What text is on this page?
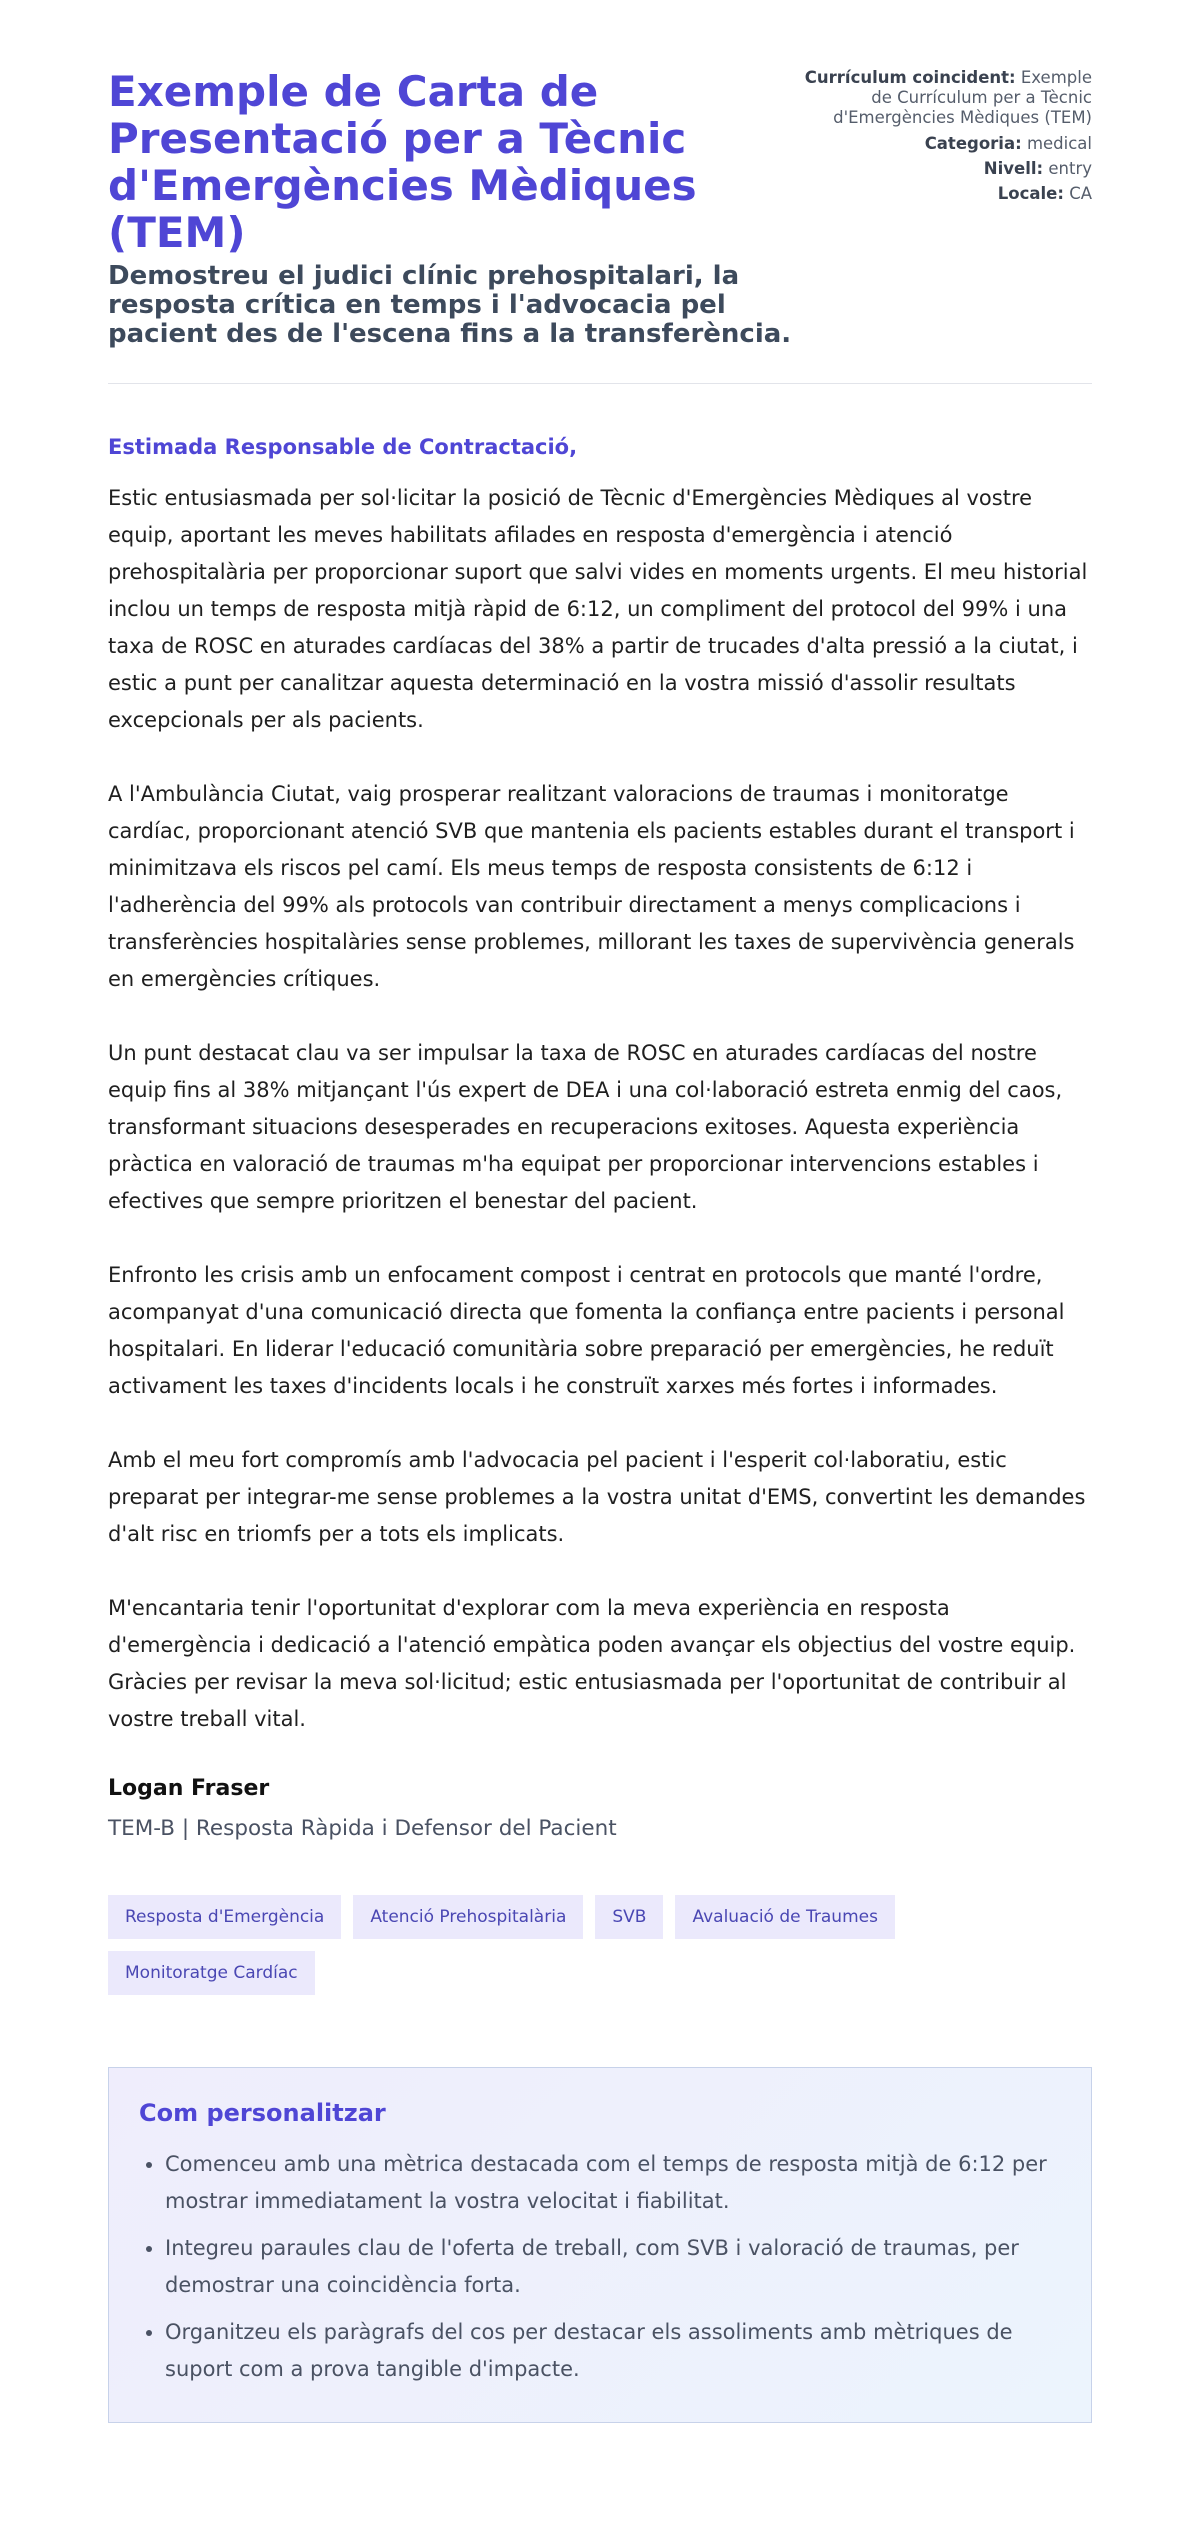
Exemple de Carta de Presentació per a Tècnic d'Emergències Mèdiques (TEM)
Demostreu el judici clínic prehospitalari, la resposta crítica en temps i l'advocacia pel pacient des de l'escena fins a la transferència.
Currículum coincident: Exemple de Currículum per a Tècnic d'Emergències Mèdiques (TEM)
Categoria: medical
Nivell: entry
Locale: CA
Estimada Responsable de Contractació,

Estic entusiasmada per sol·licitar la posició de Tècnic d'Emergències Mèdiques al vostre equip, aportant les meves habilitats afilades en resposta d'emergència i atenció prehospitalària per proporcionar suport que salvi vides en moments urgents. El meu historial inclou un temps de resposta mitjà ràpid de 6:12, un compliment del protocol del 99% i una taxa de ROSC en aturades cardíacas del 38% a partir de trucades d'alta pressió a la ciutat, i estic a punt per canalitzar aquesta determinació en la vostra missió d'assolir resultats excepcionals per als pacients.

A l'Ambulància Ciutat, vaig prosperar realitzant valoracions de traumas i monitoratge cardíac, proporcionant atenció SVB que mantenia els pacients estables durant el transport i minimitzava els riscos pel camí. Els meus temps de resposta consistents de 6:12 i l'adherència del 99% als protocols van contribuir directament a menys complicacions i transferències hospitalàries sense problemes, millorant les taxes de supervivència generals en emergències crítiques.

Un punt destacat clau va ser impulsar la taxa de ROSC en aturades cardíacas del nostre equip fins al 38% mitjançant l'ús expert de DEA i una col·laboració estreta enmig del caos, transformant situacions desesperades en recuperacions exitoses. Aquesta experiència pràctica en valoració de traumas m'ha equipat per proporcionar intervencions estables i efectives que sempre prioritzen el benestar del pacient.

Enfronto les crisis amb un enfocament compost i centrat en protocols que manté l'ordre, acompanyat d'una comunicació directa que fomenta la confiança entre pacients i personal hospitalari. En liderar l'educació comunitària sobre preparació per emergències, he reduït activament les taxes d'incidents locals i he construït xarxes més fortes i informades.

Amb el meu fort compromís amb l'advocacia pel pacient i l'esperit col·laboratiu, estic preparat per integrar-me sense problemes a la vostra unitat d'EMS, convertint les demandes d'alt risc en triomfs per a tots els implicats.

M'encantaria tenir l'oportunitat d'explorar com la meva experiència en resposta d'emergència i dedicació a l'atenció empàtica poden avançar els objectius del vostre equip. Gràcies per revisar la meva sol·licitud; estic entusiasmada per l'oportunitat de contribuir al vostre treball vital.

Logan Fraser
TEM-B | Resposta Ràpida i Defensor del Pacient
Resposta d'Emergència	Atenció Prehospitalària	SVB	Avaluació de Traumes
Monitoratge Cardíac
Com personalitzar
• Comenceu amb una mètrica destacada com el temps de resposta mitjà de 6:12 per mostrar immediatament la vostra velocitat i fiabilitat.
• Integreu paraules clau de l'oferta de treball, com SVB i valoració de traumas, per demostrar una coincidència forta.
• Organitzeu els paràgrafs del cos per destacar els assoliments amb mètriques de suport com a prova tangible d'impacte.
